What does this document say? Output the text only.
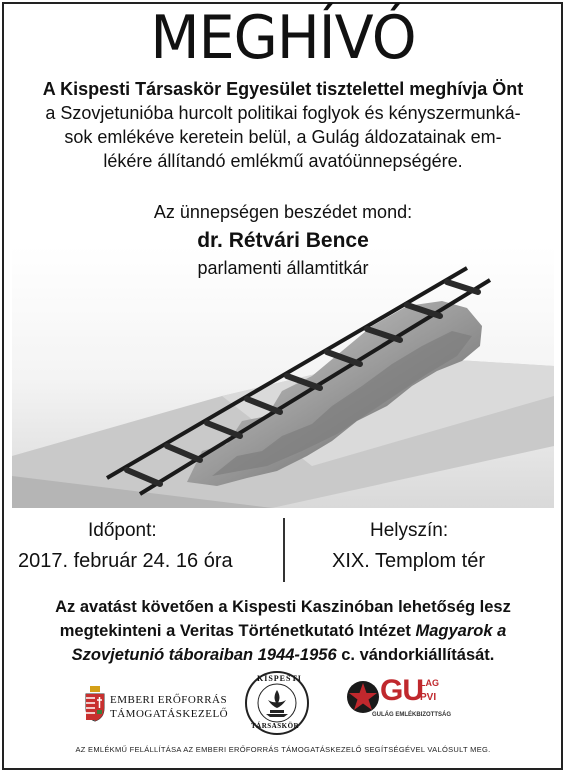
MEGHÍVÓ
A Kispesti Társaskör Egyesület tisztelettel meghívja Önt
a Szovjetunióba hurcolt politikai foglyok és kényszermunká-
sok emlékéve keretein belül, a Gulág áldozatainak em-
lékére állítandó emlékmű avatóünnepségére.
Az ünnepségen beszédet mond:
dr. Rétvári Bence
parlamenti államtitkár
Időpont:
2017. február 24. 16 óra
Helyszín:
XIX. Templom tér
Az avatást követően a Kispesti Kaszinóban lehetőség lesz
megtekinteni a Veritas Történetkutató Intézet Magyarok a
Szovjetunió táboraiban 1944-1956 c. vándorkiállítását.
EMBERI ERŐFORRÁS
TÁMOGATÁSKEZELŐ
KISPESTI
TÁRSASKÖR
GU
LAG
PVI
GULÁG EMLÉKBIZOTTSÁG
AZ EMLÉKMŰ FELÁLLÍTÁSA AZ EMBERI ERŐFORRÁS TÁMOGATÁSKEZELŐ SEGÍTSÉGÉVEL VALÓSULT MEG.
